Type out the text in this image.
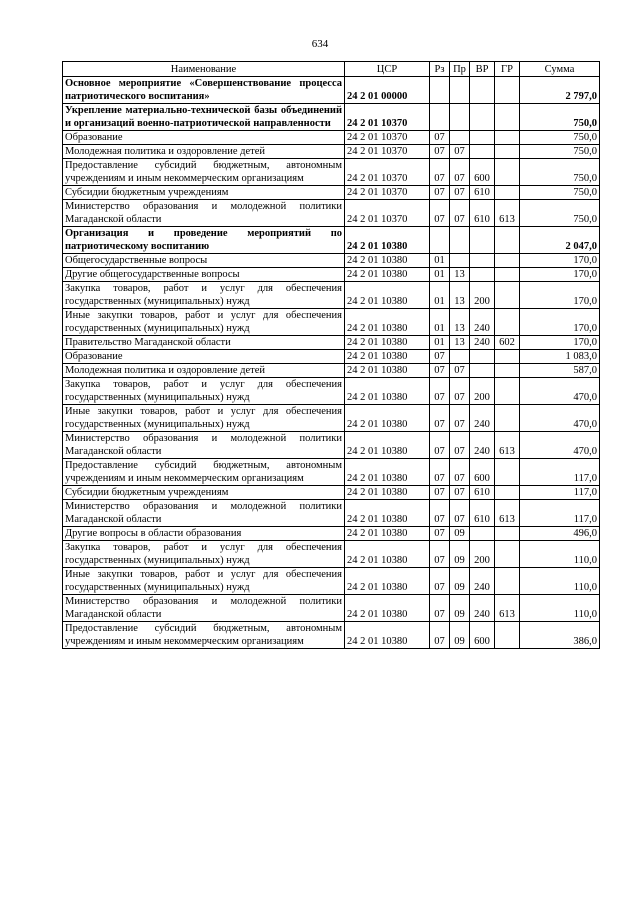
634
Наименование	ЦСР	Рз	Пр	ВР	ГР	Сумма
Основное мероприятие «Совершенствование процесса патриотического воспитания»	24 2 01 00000					2 797,0
Укрепление материально-технической базы объединений и организаций военно-патриотической направленности	24 2 01 10370					750,0
Образование	24 2 01 10370	07				750,0
Молодежная политика и оздоровление детей	24 2 01 10370	07	07			750,0
Предоставление субсидий бюджетным, автономным учреждениям и иным некоммерческим организациям	24 2 01 10370	07	07	600		750,0
Субсидии бюджетным учреждениям	24 2 01 10370	07	07	610		750,0
Министерство образования и молодежной политики Магаданской области	24 2 01 10370	07	07	610	613	750,0
Организация и проведение мероприятий по патриотическому воспитанию	24 2 01 10380					2 047,0
Общегосударственные вопросы	24 2 01 10380	01				170,0
Другие общегосударственные вопросы	24 2 01 10380	01	13			170,0
Закупка товаров, работ и услуг для обеспечения государственных (муниципальных) нужд	24 2 01 10380	01	13	200		170,0
Иные закупки товаров, работ и услуг для обеспечения государственных (муниципальных) нужд	24 2 01 10380	01	13	240		170,0
Правительство Магаданской области	24 2 01 10380	01	13	240	602	170,0
Образование	24 2 01 10380	07				1 083,0
Молодежная политика и оздоровление детей	24 2 01 10380	07	07			587,0
Закупка товаров, работ и услуг для обеспечения государственных (муниципальных) нужд	24 2 01 10380	07	07	200		470,0
Иные закупки товаров, работ и услуг для обеспечения государственных (муниципальных) нужд	24 2 01 10380	07	07	240		470,0
Министерство образования и молодежной политики Магаданской области	24 2 01 10380	07	07	240	613	470,0
Предоставление субсидий бюджетным, автономным учреждениям и иным некоммерческим организациям	24 2 01 10380	07	07	600		117,0
Субсидии бюджетным учреждениям	24 2 01 10380	07	07	610		117,0
Министерство образования и молодежной политики Магаданской области	24 2 01 10380	07	07	610	613	117,0
Другие вопросы в области образования	24 2 01 10380	07	09			496,0
Закупка товаров, работ и услуг для обеспечения государственных (муниципальных) нужд	24 2 01 10380	07	09	200		110,0
Иные закупки товаров, работ и услуг для обеспечения государственных (муниципальных) нужд	24 2 01 10380	07	09	240		110,0
Министерство образования и молодежной политики Магаданской области	24 2 01 10380	07	09	240	613	110,0
Предоставление субсидий бюджетным, автономным учреждениям и иным некоммерческим организациям	24 2 01 10380	07	09	600		386,0
